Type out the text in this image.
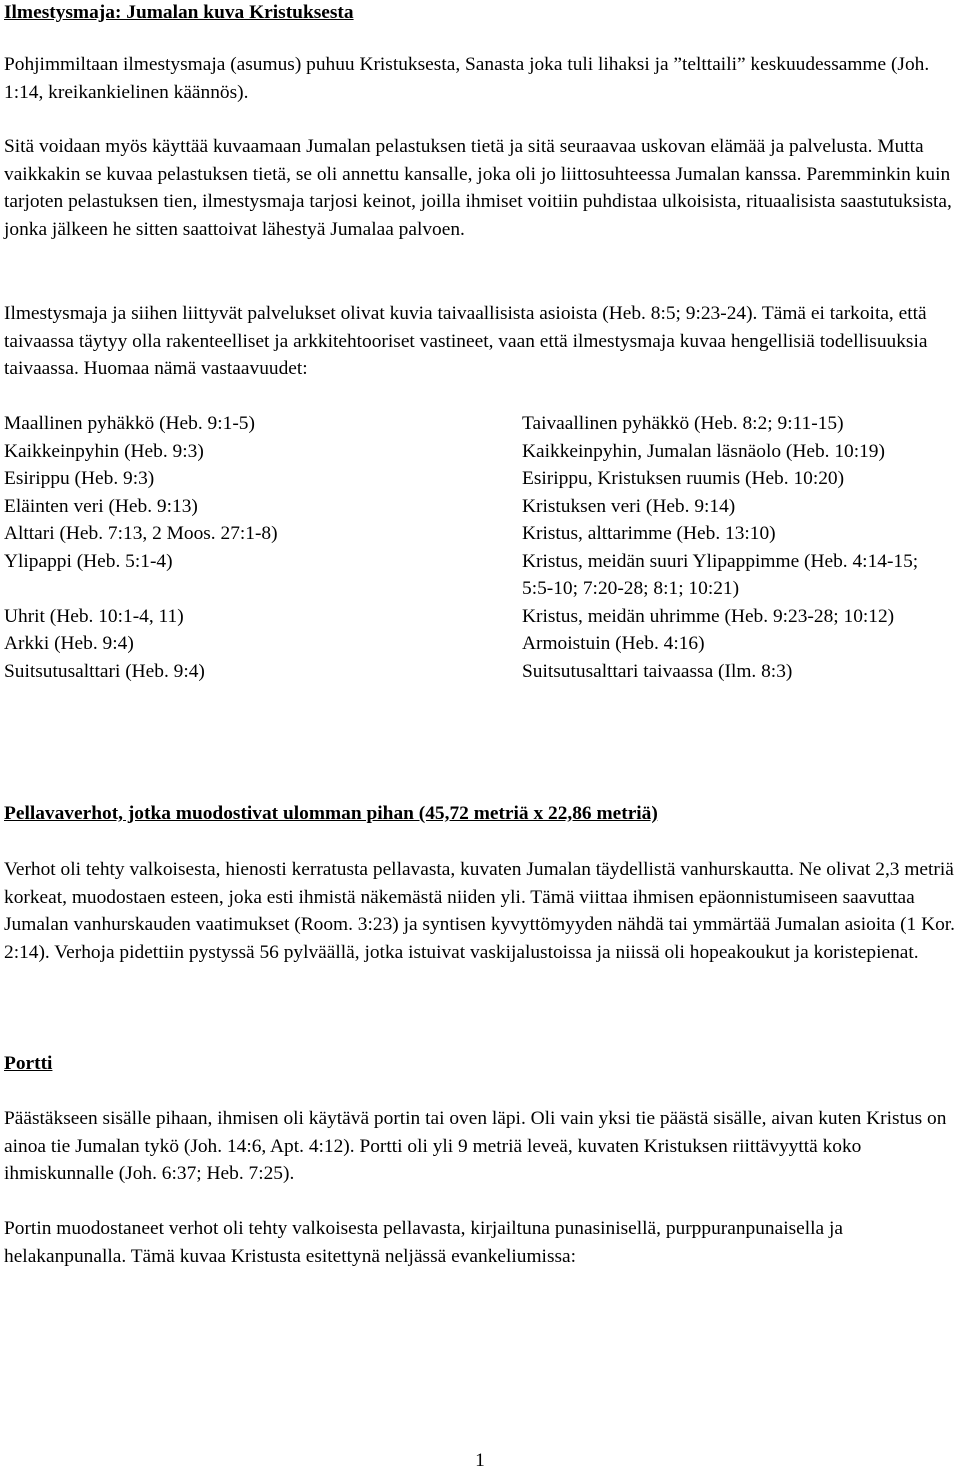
Ilmestysmaja: Jumalan kuva Kristuksesta

Pohjimmiltaan ilmestysmaja (asumus) puhuu Kristuksesta, Sanasta joka tuli lihaksi ja ”telttaili” keskuudessamme (Joh. 1:14, kreikankielinen käännös).

Sitä voidaan myös käyttää kuvaamaan Jumalan pelastuksen tietä ja sitä seuraavaa uskovan elämää ja palvelusta. Mutta vaikkakin se kuvaa pelastuksen tietä, se oli annettu kansalle, joka oli jo liittosuhteessa Jumalan kanssa. Paremminkin kuin tarjoten pelastuksen tien, ilmestysmaja tarjosi keinot, joilla ihmiset voitiin puhdistaa ulkoisista, rituaalisista saastutuksista, jonka jälkeen he sitten saattoivat lähestyä Jumalaa palvoen.

Ilmestysmaja ja siihen liittyvät palvelukset olivat kuvia taivaallisista asioista (Heb. 8:5; 9:23-24). Tämä ei tarkoita, että taivaassa täytyy olla rakenteelliset ja arkkitehtooriset vastineet, vaan että ilmestysmaja kuvaa hengellisiä todellisuuksia taivaassa. Huomaa nämä vastaavuudet:

Maallinen pyhäkkö (Heb. 9:1-5)	Taivaallinen pyhäkkö (Heb. 8:2; 9:11-15)
Kaikkeinpyhin (Heb. 9:3)	Kaikkeinpyhin, Jumalan läsnäolo (Heb. 10:19)
Esirippu (Heb. 9:3)	Esirippu, Kristuksen ruumis (Heb. 10:20)
Eläinten veri (Heb. 9:13)	Kristuksen veri (Heb. 9:14)
Alttari (Heb. 7:13, 2 Moos. 27:1-8)	Kristus, alttarimme (Heb. 13:10)
Ylipappi (Heb. 5:1-4)	Kristus, meidän suuri Ylipappimme (Heb. 4:14-15; 5:5-10; 7:20-28; 8:1; 10:21)
Uhrit (Heb. 10:1-4, 11)	Kristus, meidän uhrimme (Heb. 9:23-28; 10:12)
Arkki (Heb. 9:4)	Armoistuin (Heb. 4:16)
Suitsutusalttari (Heb. 9:4)	Suitsutusalttari taivaassa (Ilm. 8:3)

Pellavaverhot, jotka muodostivat ulomman pihan (45,72 metriä x 22,86 metriä)

Verhot oli tehty valkoisesta, hienosti kerratusta pellavasta, kuvaten Jumalan täydellistä vanhurskautta. Ne olivat 2,3 metriä korkeat, muodostaen esteen, joka esti ihmistä näkemästä niiden yli. Tämä viittaa ihmisen epäonnistumiseen saavuttaa Jumalan vanhurskauden vaatimukset (Room. 3:23) ja syntisen kyvyttömyyden nähdä tai ymmärtää Jumalan asioita (1 Kor. 2:14). Verhoja pidettiin pystyssä 56 pylväällä, jotka istuivat vaskijalustoissa ja niissä oli hopeakoukut ja koristepienat.

Portti

Päästäkseen sisälle pihaan, ihmisen oli käytävä portin tai oven läpi. Oli vain yksi tie päästä sisälle, aivan kuten Kristus on ainoa tie Jumalan tykö (Joh. 14:6, Apt. 4:12). Portti oli yli 9 metriä leveä, kuvaten Kristuksen riittävyyttä koko ihmiskunnalle (Joh. 6:37; Heb. 7:25).

Portin muodostaneet verhot oli tehty valkoisesta pellavasta, kirjailtuna punasinisellä, purppuranpunaisella ja helakanpunalla. Tämä kuvaa Kristusta esitettynä neljässä evankeliumissa:

1
